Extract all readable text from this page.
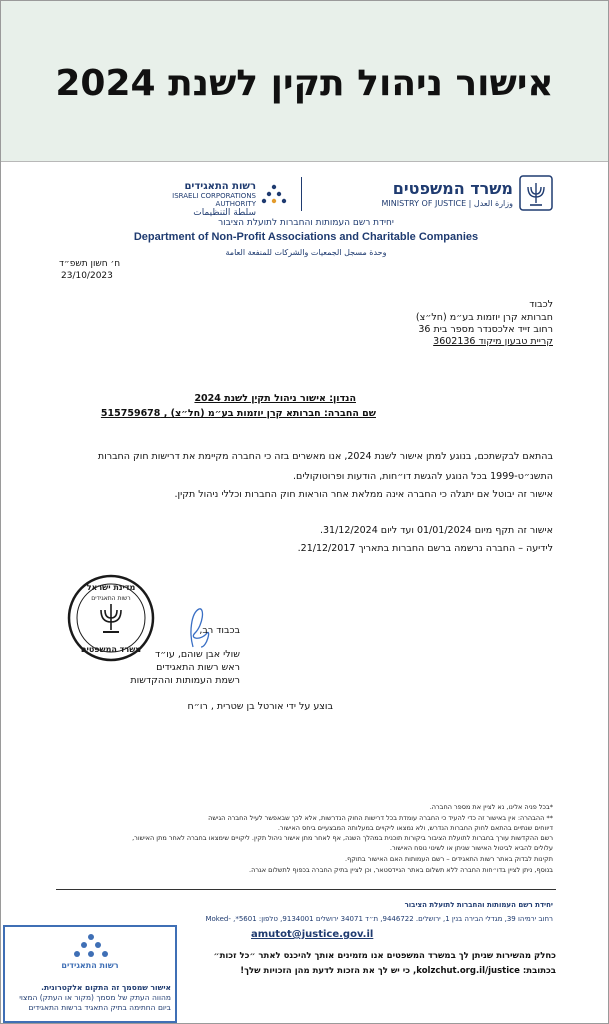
אישור ניהול תקין לשנת 2024
משרד המשפטים
وزارة العدل | MINISTRY OF JUSTICE
רשות התאגידים
ISRAELI CORPORATIONS AUTHORITY
سلطة التنظيمات
יחידת רשם העמותות והחברות לתועלת הציבור
Department of Non-Profit Associations and Charitable Companies
وحدة مسجل الجمعيات والشركات للمنفعة العامة
ח׳ חשון תשפ״ד
23/10/2023
לכבוד
חברותא קרן יוזמות בע״מ (חל״צ)
רחוב זייד אלכסנדר מספר בית 36
קריית טבעון מיקוד 3602136
הנדון: אישור ניהול תקין לשנת 2024
שם החברה: חברותא קרן יוזמות בע״מ (חל״צ) , 515759678
בהתאם לבקשתכם, בנוגע למתן אישור לשנת 2024, אנו מאשרים בזה כי החברה מקיימת את דרישות חוק החברות
התשנ״ט-1999 בכל הנוגע להגשת דו״חות, הודעות ופרוטוקולים.
אישור זה יבוטל אם יתגלה כי החברה אינה ממלאת אחר הוראות חוק החברות וכללי ניהול תקין.
אישור זה תקף מיום 01/01/2024 ועד ליום 31/12/2024.
לידיעה – החברה נרשמה ברשם החברות בתאריך 21/12/2017.
מדינת ישראל
רשות התאגידים
משרד המשפטים
בכבוד רב,
שולי אבן שוהם, עו״ד
ראש רשות התאגידים
רשמת העמותות וההקדשות
בוצע על ידי אורטל בן שטרית , רו״ח
*בכל פניה אלינו, נא לציין את מספר החברה.
** ההבהרה: אין באישור זה כדי להעיד כי החברה עומדת בכל דרישות החוק הנדרשות, אלא לכך שבאפשר לעיל החברה הגישה
דיווחים שנתיים בהתאם לחוק החברות הנדרש, ולא נמצאו ליקויים במעלותה המבצעיים ביחס האישור.
רשם ההקדשות עורך בחברות לתועלת הציבור ביקורות תוכנית במהלך השנה, אף לאחר מתן אישור ניהול תקין. ליקויים שימצאו בחברה לאחר מתן האישור,
עלולים להביא לביטול האישור שניתן או לשינוי נוסח האישור.
תקינות לבדוק באתר רשות התאגידים – רשם העמותות האם האישור בתוקף.
בנוסף, ניתן לציין בדו״חות החברה ללא תשלום באתר הגיידסטאר, וכן לציין בתיק החברה בכפוף לתשלום אגרה.
יחידת רשם העמותות והחברות לתועלת הציבור
רחוב ירמיהו 39, מגדלי הבירה בנין 1, ירושלים. 9446722, ת״ד 34071 ירושלים 9134001, טלפון: 5601*, -Moked
amutot@justice.gov.il
כחלק מהשירות שניתן לך במשרד המשפטים אנו מזמינים אותך להיכנס לאתר ״כל זכות״
בכתובת: kolzchut.org.il/justice, כי יש לך את הזכות לדעת מהן הזכויות שלך!
רשות התאגידים
אישור שמסמך זה התקום אלקטרונית.
מהווה העתק של מסמך (מקור או העתק) המצוי
ביום החתימה בתיק התאגיד ברשות התאגידים
